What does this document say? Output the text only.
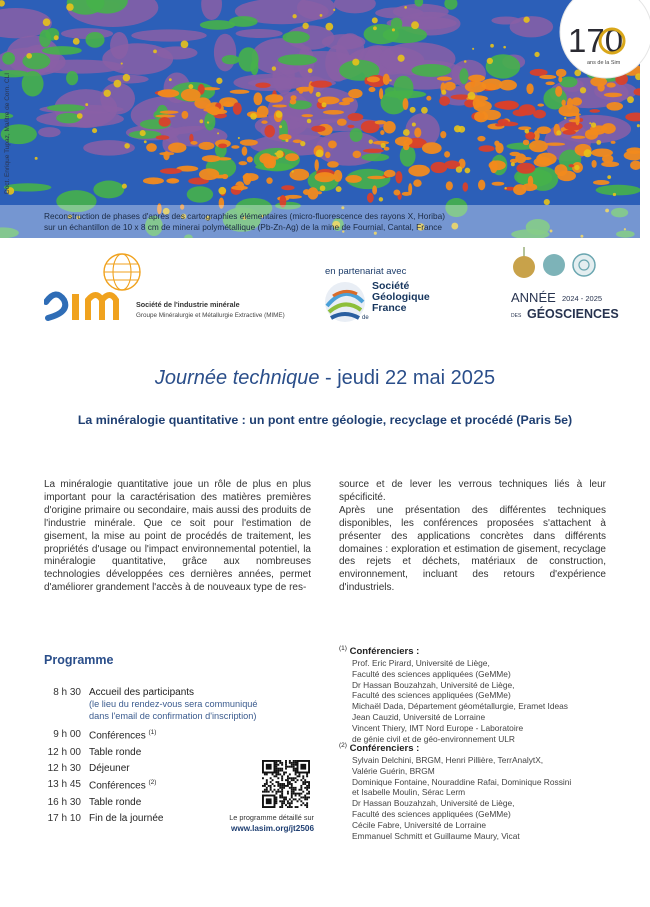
Doct. Enrique Tupaz, Ma/itre de Corn. CLI
Reconstruction de phases d'après des cartographies élémentaires (micro-fluorescence des rayons X, Horiba)
sur un échantillon de 10 x 8 cm de minerai polymétallique (Pb-Zn-Ag) de la mine de Fournial, Cantal, France
170
ans de la Sim
Société de l'industrie minérale
Groupe Minéralurgie et Métallurgie Extractive (MIME)
en partenariat avec
Société
Géologique
France
de
ANNÉE 2024 - 2025
DES GÉOSCIENCES
Journée technique - jeudi 22 mai 2025
La minéralogie quantitative : un pont entre géologie, recyclage et procédé (Paris 5e)
La minéralogie quantitative joue un rôle de plus en plus important pour la caractérisation des matières premières d'origine primaire ou secondaire, mais aussi des produits de l'industrie minérale. Que ce soit pour l'estimation de gisement, la mise au point de procédés de traitement, les propriétés d'usage ou l'impact environnemental potentiel, la minéralogie quantitative, grâce aux nombreuses technologies développées ces dernières années, permet d'améliorer grandement l'accès à de nouveaux type de res-
source et de lever les verrous techniques liés à leur spécificité.
Après une présentation des différentes techniques disponibles, les conférences proposées s'attachent à présenter des applications concrètes dans différents domaines : exploration et estimation de gisement, recyclage des rejets et déchets, matériaux de construction, environnement, incluant des retours d'expérience d'industriels.
Programme
8 h 30 Accueil des participants
(le lieu du rendez-vous sera communiqué
dans l'email de confirmation d'inscription)
9 h 00 Conférences $^{(1)}$
12 h 00 Table ronde
12 h 30 Déjeuner
13 h 45 Conférences $^{(2)}$
16 h 30 Table ronde
17 h 10 Fin de la journée	Le programme détaillé sur
www.lasim.org/jt2506
$^{(1)}$ Conférenciers :
Prof. Eric Pirard, Université de Liège,
Faculté des sciences appliquées (GeMMe)
Dr Hassan Bouzahzah, Université de Liège,
Faculté des sciences appliquées (GeMMe)
Michaël Dada, Département géométallurgie, Eramet Ideas
Jean Cauzid, Université de Lorraine
Vincent Thiery, IMT Nord Europe - Laboratoire
de génie civil et de géo-environnement ULR
$^{(2)}$ Conférenciers :
Sylvain Delchini, BRGM, Henri Pillière, TerrAnalytX,
Valérie Guérin, BRGM
Dominique Fontaine, Nouraddine Rafai, Dominique Rossini
et Isabelle Moulin, Sérac Lerm
Dr Hassan Bouzahzah, Université de Liège,
Faculté des sciences appliquées (GeMMe)
Cécile Fabre, Université de Lorraine
Emmanuel Schmitt et Guillaume Maury, Vicat
